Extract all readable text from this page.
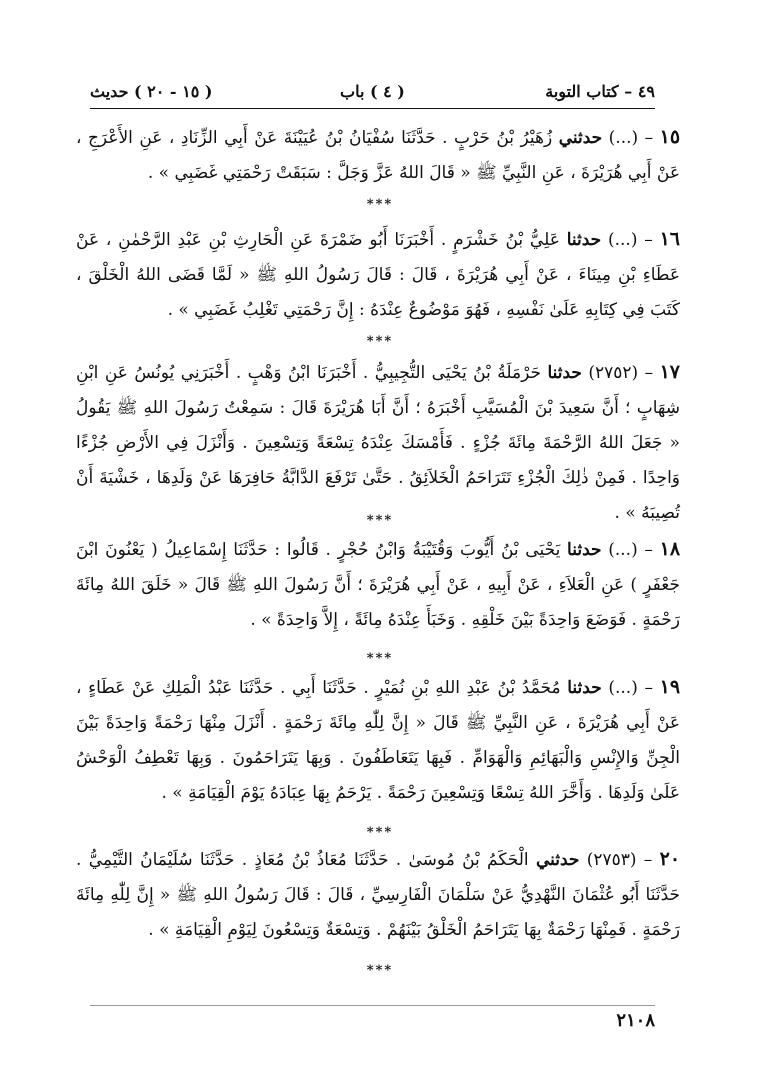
٤٩ – كتاب التوبة
( ٤ ) باب
( ١٥ - ٢٠ ) حديث
١٥ – (...) حدثني زُهَيْرُ بْنُ حَرْبٍ . حَدَّثَنَا سُفْيَانُ بْنُ عُيَيْنَةَ عَنْ أَبِي الزِّنَادِ ، عَنِ الأَعْرَجِ ، عَنْ أَبِي هُرَيْرَةَ ، عَنِ النَّبِيِّ ﷺ « قَالَ اللهُ عَزَّ وَجَلَّ : سَبَقَتْ رَحْمَتِي غَضَبِي » .
***
١٦ – (...) حدثنا عَلِيُّ بْنُ خَشْرَمٍ . أَخْبَرَنَا أَبُو ضَمْرَةَ عَنِ الْحَارِثِ بْنِ عَبْدِ الرَّحْمٰنِ ، عَنْ عَطَاءِ بْنِ مِينَاءَ ، عَنْ أَبِي هُرَيْرَةَ ، قَالَ : قَالَ رَسُولُ اللهِ ﷺ « لَمَّا قَضَى اللهُ الْخَلْقَ ، كَتَبَ فِي كِتَابِهِ عَلَىٰ نَفْسِهِ ، فَهُوَ مَوْضُوعٌ عِنْدَهُ : إِنَّ رَحْمَتِي تَغْلِبُ غَضَبِي » .
***
١٧ – (٢٧٥٢) حدثنا حَرْمَلَةُ بْنُ يَحْيَى التُّجِيبِيُّ . أَخْبَرَنَا ابْنُ وَهْبٍ . أَخْبَرَنِي يُونُسُ عَنِ ابْنِ شِهَابٍ ؛ أَنَّ سَعِيدَ بْنَ الْمُسَيَّبِ أَخْبَرَهُ ؛ أَنَّ أَبَا هُرَيْرَةَ قَالَ : سَمِعْتُ رَسُولَ اللهِ ﷺ يَقُولُ « جَعَلَ اللهُ الرَّحْمَةَ مِائَةَ جُزْءٍ . فَأَمْسَكَ عِنْدَهُ تِسْعَةً وَتِسْعِينَ . وَأَنْزَلَ فِي الأَرْضِ جُزْءًا وَاحِدًا . فَمِنْ ذٰلِكَ الْجُزْءِ تَتَرَاحَمُ الْخَلاَئِقُ . حَتَّىٰ تَرْفَعَ الدَّابَّةُ حَافِرَهَا عَنْ وَلَدِهَا ، خَشْيَةَ أَنْ تُصِيبَهُ » .
***
١٨ – (...) حدثنا يَحْيَى بْنُ أَيُّوبَ وَقُتَيْبَةُ وَابْنُ حُجْرٍ . قَالُوا : حَدَّثَنَا إِسْمَاعِيلُ ( يَعْنُونَ ابْنَ جَعْفَرٍ ) عَنِ الْعَلاَءِ ، عَنْ أَبِيهِ ، عَنْ أَبِي هُرَيْرَةَ ؛ أَنَّ رَسُولَ اللهِ ﷺ قَالَ « خَلَقَ اللهُ مِائَةَ رَحْمَةٍ . فَوَضَعَ وَاحِدَةً بَيْنَ خَلْقِهِ . وَخَبَأَ عِنْدَهُ مِائَةً ، إِلاَّ وَاحِدَةً » .
***
١٩ – (...) حدثنا مُحَمَّدُ بْنُ عَبْدِ اللهِ بْنِ نُمَيْرٍ . حَدَّثَنَا أَبِي . حَدَّثَنَا عَبْدُ الْمَلِكِ عَنْ عَطَاءٍ ، عَنْ أَبِي هُرَيْرَةَ ، عَنِ النَّبِيِّ ﷺ قَالَ « إِنَّ لِلّٰهِ مِائَةَ رَحْمَةٍ . أَنْزَلَ مِنْهَا رَحْمَةً وَاحِدَةً بَيْنَ الْجِنِّ وَالإِنْسِ وَالْبَهَائِمِ وَالْهَوَامِّ . فَبِهَا يَتَعَاطَفُونَ . وَبِهَا يَتَرَاحَمُونَ . وَبِهَا تَعْطِفُ الْوَحْشُ عَلَىٰ وَلَدِهَا . وَأَخَّرَ اللهُ تِسْعًا وَتِسْعِينَ رَحْمَةً . يَرْحَمُ بِهَا عِبَادَهُ يَوْمَ الْقِيَامَةِ » .
***
٢٠ – (٢٧٥٣) حدثني الْحَكَمُ بْنُ مُوسَىٰ . حَدَّثَنَا مُعَاذُ بْنُ مُعَاذٍ . حَدَّثَنَا سُلَيْمَانُ التَّيْمِيُّ . حَدَّثَنَا أَبُو عُثْمَانَ النَّهْدِيُّ عَنْ سَلْمَانَ الْفَارِسِيِّ ، قَالَ : قَالَ رَسُولُ اللهِ ﷺ « إِنَّ لِلّٰهِ مِائَةَ رَحْمَةٍ . فَمِنْهَا رَحْمَةٌ بِهَا يَتَرَاحَمُ الْخَلْقُ بَيْنَهُمْ . وَتِسْعَةٌ وَتِسْعُونَ لِيَوْمِ الْقِيَامَةِ » .
***
٢١٠٨
